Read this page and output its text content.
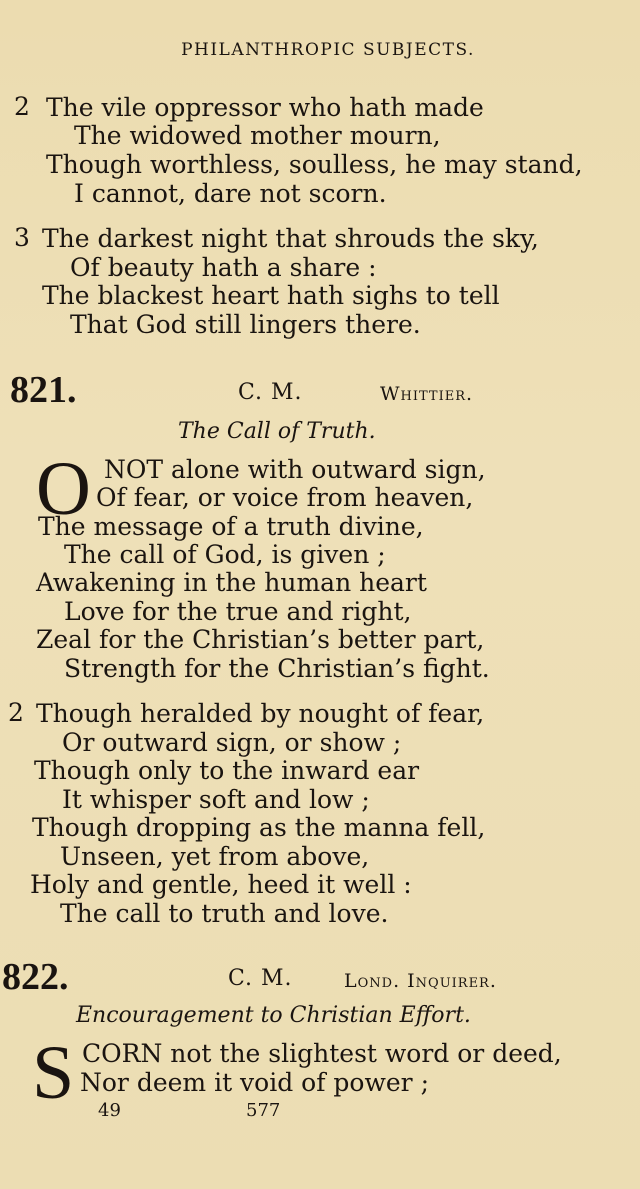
PHILANTHROPIC SUBJECTS.
2 The vile oppressor who hath made
The widowed mother mourn,
Though worthless, soulless, he may stand,
I cannot, dare not scorn.
3 The darkest night that shrouds the sky,
Of beauty hath a share :
The blackest heart hath sighs to tell
That God still lingers there.
821.	C. M.	Whittier.
The Call of Truth.
O NOT alone with outward sign,
Of fear, or voice from heaven,
The message of a truth divine,
The call of God, is given ;
Awakening in the human heart
Love for the true and right,
Zeal for the Christian’s better part,
Strength for the Christian’s fight.
2 Though heralded by nought of fear,
Or outward sign, or show ;
Though only to the inward ear
It whisper soft and low ;
Though dropping as the manna fell,
Unseen, yet from above,
Holy and gentle, heed it well :
The call to truth and love.
822.	C. M.	Lond. Inquirer.
Encouragement to Christian Effort.
S CORN not the slightest word or deed,
Nor deem it void of power ;
49	577
